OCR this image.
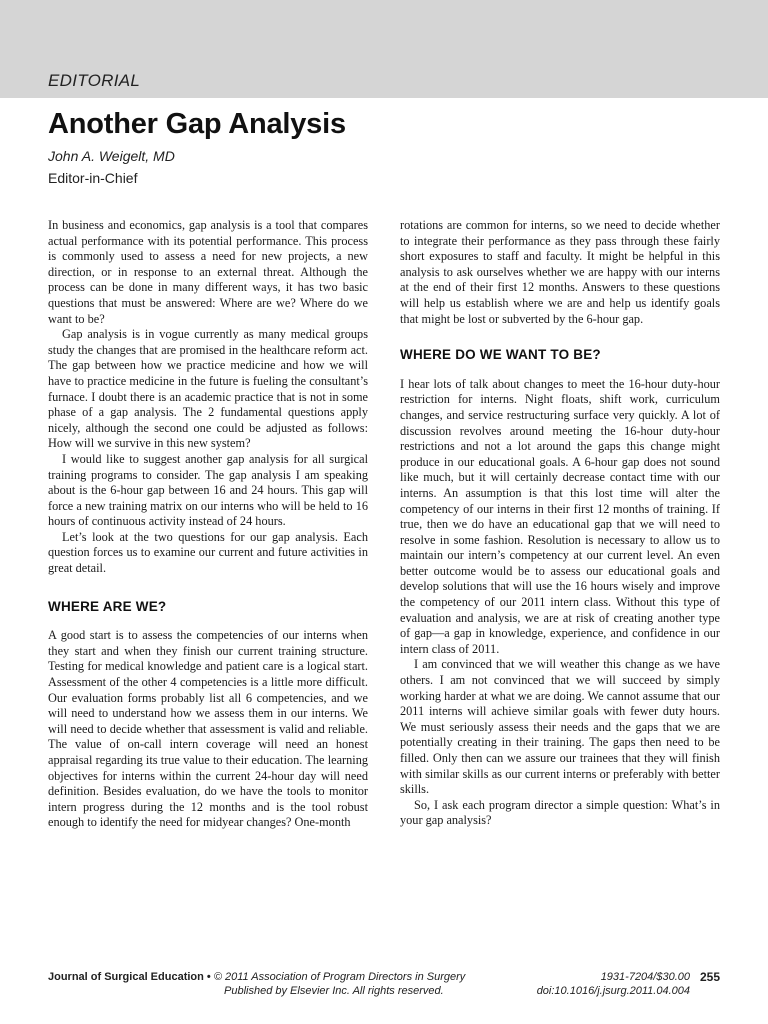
EDITORIAL
Another Gap Analysis
John A. Weigelt, MD
Editor-in-Chief

In business and economics, gap analysis is a tool that compares actual performance with its potential performance. This process is commonly used to assess a need for new projects, a new direction, or in response to an external threat. Although the process can be done in many different ways, it has two basic questions that must be answered: Where are we? Where do we want to be?

Gap analysis is in vogue currently as many medical groups study the changes that are promised in the healthcare reform act. The gap between how we practice medicine and how we will have to practice medicine in the future is fueling the consultant’s furnace. I doubt there is an academic practice that is not in some phase of a gap analysis. The 2 fundamental questions apply nicely, although the second one could be adjusted as follows: How will we survive in this new system?

I would like to suggest another gap analysis for all surgical training programs to consider. The gap analysis I am speaking about is the 6-hour gap between 16 and 24 hours. This gap will force a new training matrix on our interns who will be held to 16 hours of continuous activity instead of 24 hours.

Let’s look at the two questions for our gap analysis. Each question forces us to examine our current and future activities in great detail.

WHERE ARE WE?

A good start is to assess the competencies of our interns when they start and when they finish our current training structure. Testing for medical knowledge and patient care is a logical start. Assessment of the other 4 competencies is a little more difficult. Our evaluation forms probably list all 6 competencies, and we will need to understand how we assess them in our interns. We will need to decide whether that assessment is valid and reliable. The value of on-call intern coverage will need an honest appraisal regarding its true value to their education. The learning objectives for interns within the current 24-hour day will need definition. Besides evaluation, do we have the tools to monitor intern progress during the 12 months and is the tool robust enough to identify the need for midyear changes? One-month

rotations are common for interns, so we need to decide whether to integrate their performance as they pass through these fairly short exposures to staff and faculty. It might be helpful in this analysis to ask ourselves whether we are happy with our interns at the end of their first 12 months. Answers to these questions will help us establish where we are and help us identify goals that might be lost or subverted by the 6-hour gap.

WHERE DO WE WANT TO BE?

I hear lots of talk about changes to meet the 16-hour duty-hour restriction for interns. Night floats, shift work, curriculum changes, and service restructuring surface very quickly. A lot of discussion revolves around meeting the 16-hour duty-hour restrictions and not a lot around the gaps this change might produce in our educational goals. A 6-hour gap does not sound like much, but it will certainly decrease contact time with our interns. An assumption is that this lost time will alter the competency of our interns in their first 12 months of training. If true, then we do have an educational gap that we will need to resolve in some fashion. Resolution is necessary to allow us to maintain our intern’s competency at our current level. An even better outcome would be to assess our educational goals and develop solutions that will use the 16 hours wisely and improve the competency of our 2011 intern class. Without this type of evaluation and analysis, we are at risk of creating another type of gap—a gap in knowledge, experience, and confidence in our intern class of 2011.

I am convinced that we will weather this change as we have others. I am not convinced that we will succeed by simply working harder at what we are doing. We cannot assume that our 2011 interns will achieve similar goals with fewer duty hours. We must seriously assess their needs and the gaps that we are potentially creating in their training. The gaps then need to be filled. Only then can we assure our trainees that they will finish with similar skills as our current interns or preferably with better skills.

So, I ask each program director a simple question: What’s in your gap analysis?

Journal of Surgical Education • © 2011 Association of Program Directors in Surgery
Published by Elsevier Inc. All rights reserved.
1931-7204/$30.00
doi:10.1016/j.jsurg.2011.04.004
255
